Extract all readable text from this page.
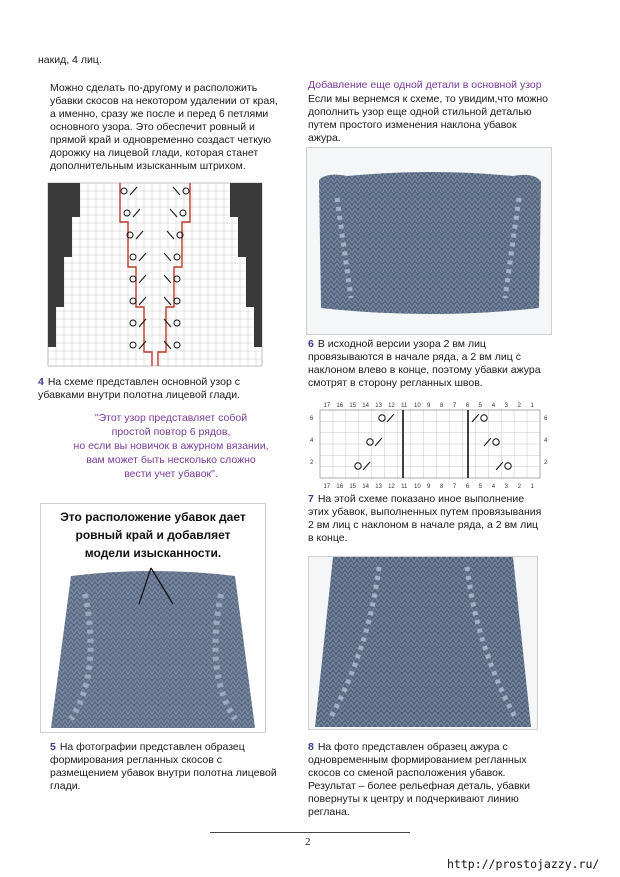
накид, 4 лиц.
Можно сделать по-другому и расположить
убавки скосов на некотором удалении от края,
а именно, сразу же после и перед 6 петлями
основного узора. Это обеспечит ровный и
прямой край и одновременно создаст четкую
дорожку на лицевой глади, которая станет
дополнительным изысканным штрихом.
4 На схеме представлен основной узор с
убавками внутри полотна лицевой глади.
"Этот узор представляет собой
простой повтор 6 рядов,
но если вы новичок в ажурном вязании,
вам может быть несколько сложно
вести учет убавок".
Это расположение убавок дает
ровный край и добавляет
модели изысканности.
5 На фотографии представлен образец
формирования регланных скосов с
размещением убавок внутри полотна лицевой
глади.
Добавление еще одной детали в основной узор
Если мы вернемся к схеме, то увидим,что можно
дополнить узор еще одной стильной деталью
путем простого изменения наклона убавок
ажура.
6 В исходной версии узора 2 вм лиц
провязываются в начале ряда, а 2 вм лиц с
наклоном влево в конце, поэтому убавки ажура
смотрят в сторону регланных швов.
17 16 15 14 13 12 11 10 9 8 7 6 5 4 3 2 1
6	6
4	4
2	2
17 16 15 14 13 12 11 10 9 8 7 6 5 4 3 2 1
7 На этой схеме показано иное выполнение
этих убавок, выполненных путем провязывания
2 вм лиц с наклоном в начале ряда, а 2 вм лиц
в конце.
8 На фото представлен образец ажура с
одновременным формированием регланных
скосов со сменой расположения убавок.
Результат – более рельефная деталь, убавки
повернуты к центру и подчеркивают линию
реглана.
2
http://prostojazzy.ru/
